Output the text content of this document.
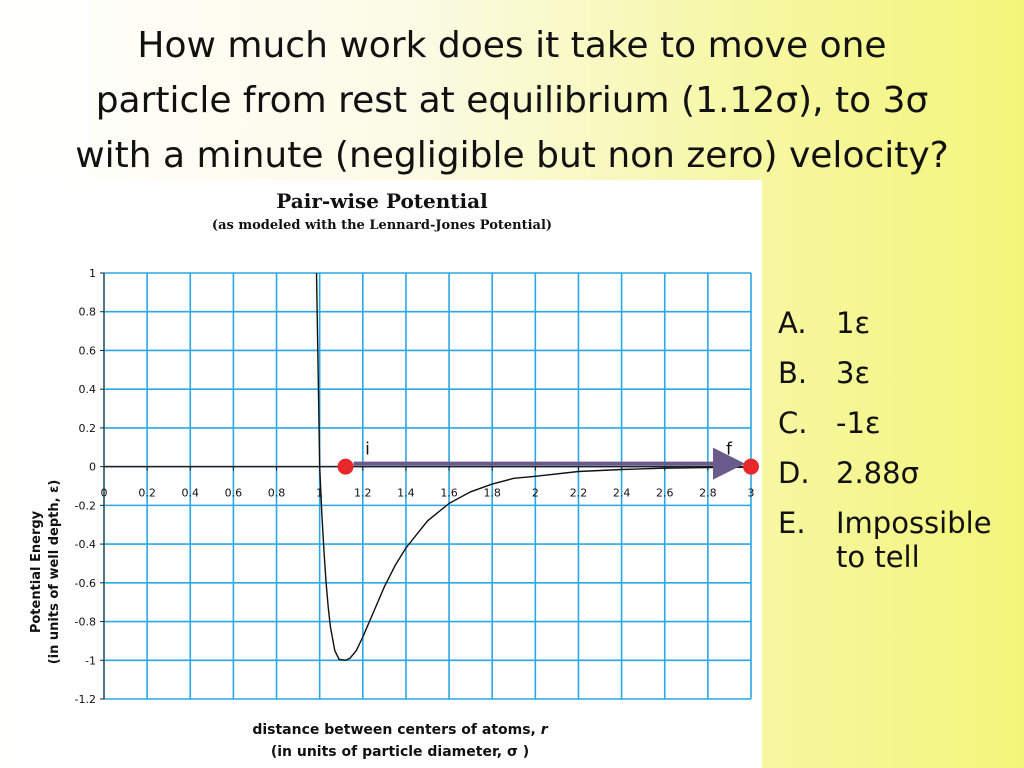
How much work does it take to move one
particle from rest at equilibrium (1.12σ), to 3σ
with a minute (negligible but non zero) velocity?
Pair-wise Potential
(as modeled with the Lennard-Jones Potential)
1
0.8
0.6
0.4
0.2
0
-0.2
-0.4
-0.6
-0.8
-1
-1.2
0	0.2 0.4 0.6 0.8	1	1.2 1.4 1.6 1.8	2	2.2 2.4 2.6 2.8	3
i	f
Potential Energy (in units of well depth, ε)
distance between centers of atoms, r
(in units of particle diameter, σ )
A.	1ε
B. 3ε
C. -1ε
D. 2.88σ
E.	Impossible to tell
